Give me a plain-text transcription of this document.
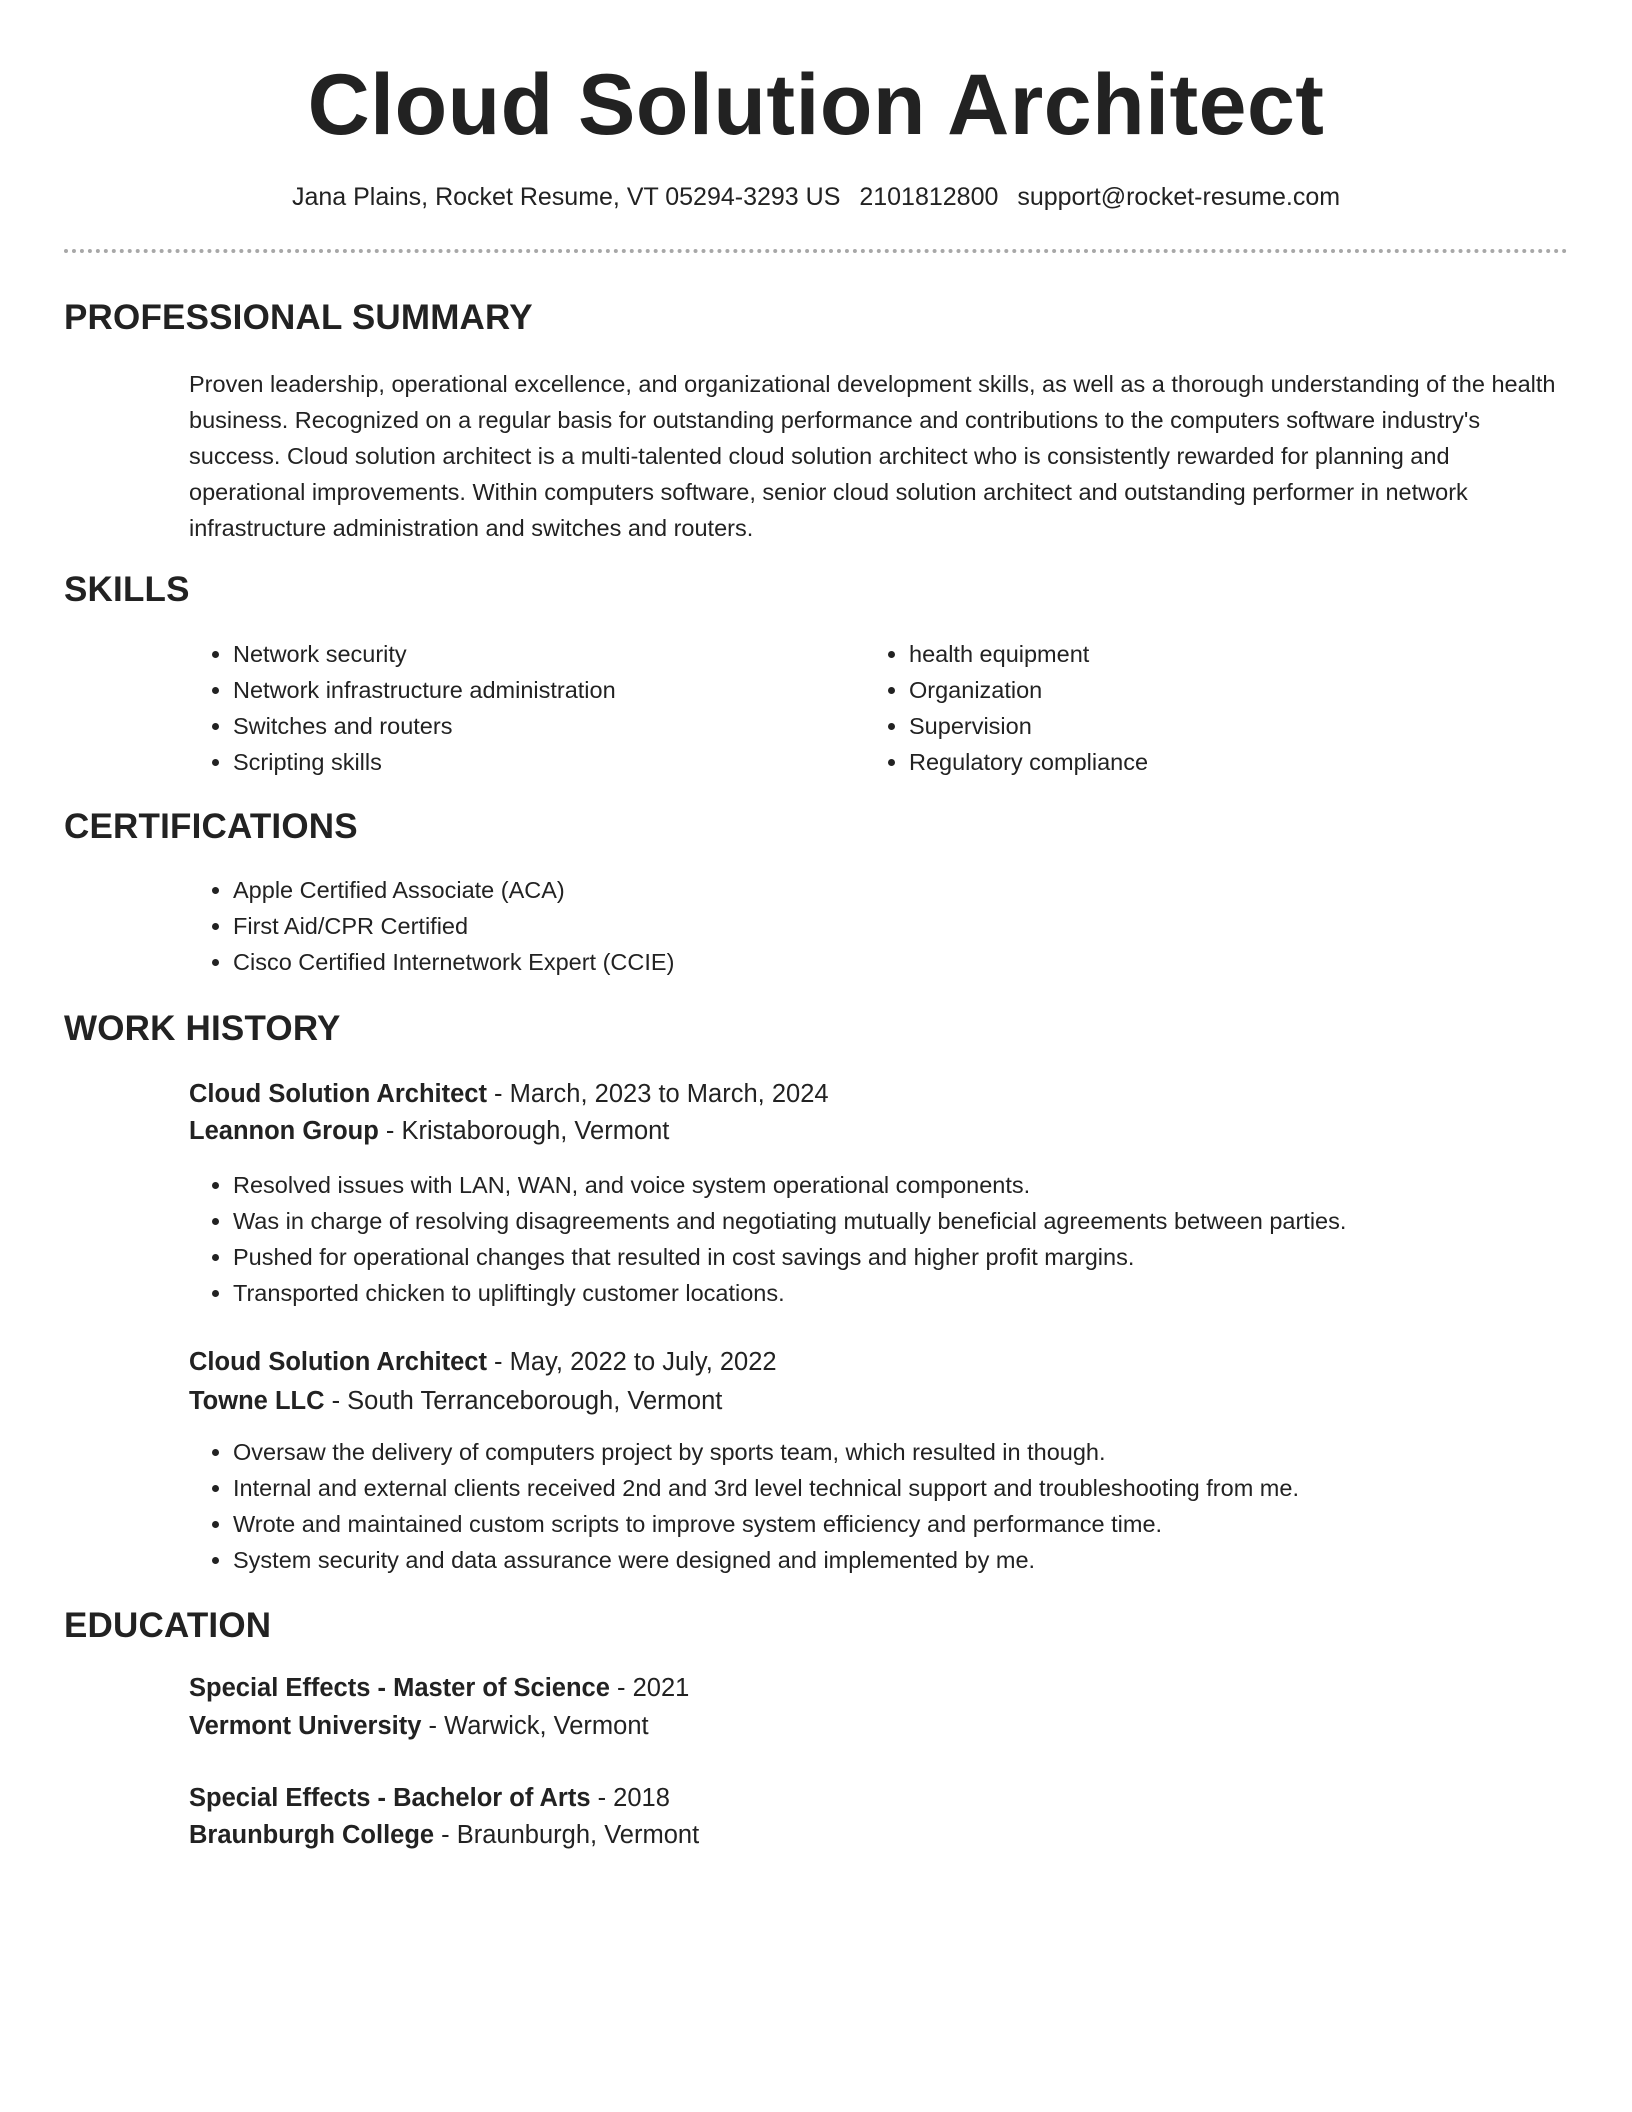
Cloud Solution Architect
Jana Plains, Rocket Resume, VT 05294-3293 US 2101812800 support@rocket-resume.com
PROFESSIONAL SUMMARY

Proven leadership, operational excellence, and organizational development skills, as well as a thorough understanding of the health business. Recognized on a regular basis for outstanding performance and contributions to the computers software industry's success. Cloud solution architect is a multi-talented cloud solution architect who is consistently rewarded for planning and operational improvements. Within computers software, senior cloud solution architect and outstanding performer in network infrastructure administration and switches and routers.

SKILLS
• Network security
• Network infrastructure administration
• Switches and routers
• Scripting skills
• health equipment
• Organization
• Supervision
• Regulatory compliance
CERTIFICATIONS
• Apple Certified Associate (ACA)
• First Aid/CPR Certified
• Cisco Certified Internetwork Expert (CCIE)
WORK HISTORY
Cloud Solution Architect - March, 2023 to March, 2024
Leannon Group - Kristaborough, Vermont
• Resolved issues with LAN, WAN, and voice system operational components.
• Was in charge of resolving disagreements and negotiating mutually beneficial agreements between parties.
• Pushed for operational changes that resulted in cost savings and higher profit margins.
• Transported chicken to upliftingly customer locations.
Cloud Solution Architect - May, 2022 to July, 2022
Towne LLC - South Terranceborough, Vermont
• Oversaw the delivery of computers project by sports team, which resulted in though.
• Internal and external clients received 2nd and 3rd level technical support and troubleshooting from me.
• Wrote and maintained custom scripts to improve system efficiency and performance time.
• System security and data assurance were designed and implemented by me.
EDUCATION
Special Effects - Master of Science - 2021
Vermont University - Warwick, Vermont
Special Effects - Bachelor of Arts - 2018
Braunburgh College - Braunburgh, Vermont
